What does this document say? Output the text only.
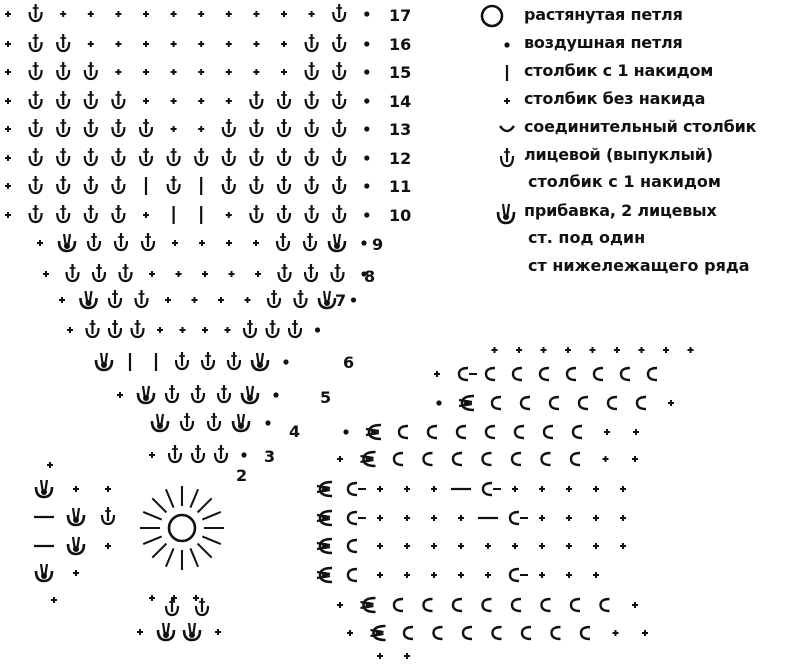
17
16
15
14
13
12
11
10
9
8
7
6
5
4
3
2
растянутая петля
воздушная петля
столбик с 1 накидом
столбик без накида
соединительный столбик
лицевой (выпуклый)
столбик с 1 накидом
прибавка, 2 лицевых
ст. под один
ст нижележащего ряда
